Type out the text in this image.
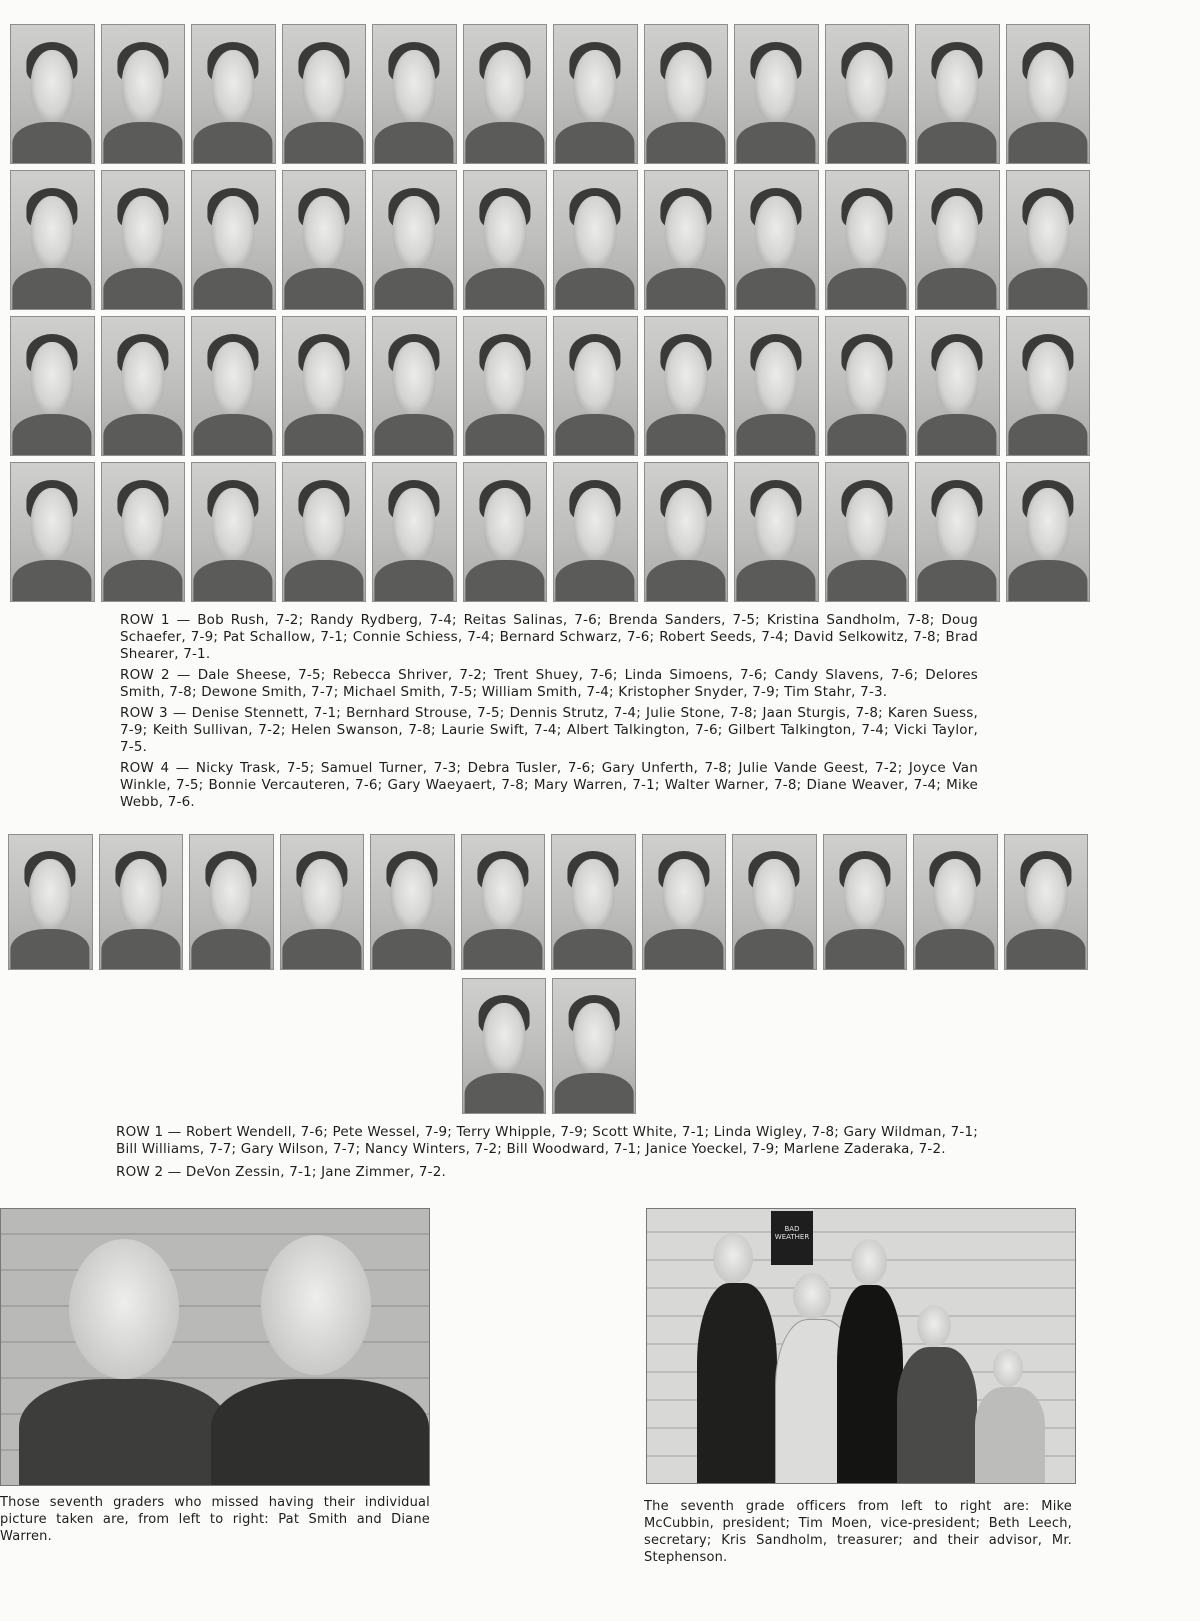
ROW 1 — Bob Rush, 7-2; Randy Rydberg, 7-4; Reitas Salinas, 7-6; Brenda Sanders, 7-5; Kristina Sandholm, 7-8; Doug Schaefer, 7-9; Pat Schallow, 7-1; Connie Schiess, 7-4; Bernard Schwarz, 7-6; Robert Seeds, 7-4; David Selkowitz, 7-8; Brad Shearer, 7-1.

ROW 2 — Dale Sheese, 7-5; Rebecca Shriver, 7-2; Trent Shuey, 7-6; Linda Simoens, 7-6; Candy Slavens, 7-6; Delores Smith, 7-8; Dewone Smith, 7-7; Michael Smith, 7-5; William Smith, 7-4; Kristopher Snyder, 7-9; Tim Stahr, 7-3.

ROW 3 — Denise Stennett, 7-1; Bernhard Strouse, 7-5; Dennis Strutz, 7-4; Julie Stone, 7-8; Jaan Sturgis, 7-8; Karen Suess, 7-9; Keith Sullivan, 7-2; Helen Swanson, 7-8; Laurie Swift, 7-4; Albert Talkington, 7-6; Gilbert Talkington, 7-4; Vicki Taylor, 7-5.

ROW 4 — Nicky Trask, 7-5; Samuel Turner, 7-3; Debra Tusler, 7-6; Gary Unferth, 7-8; Julie Vande Geest, 7-2; Joyce Van Winkle, 7-5; Bonnie Vercauteren, 7-6; Gary Waeyaert, 7-8; Mary Warren, 7-1; Walter Warner, 7-8; Diane Weaver, 7-4; Mike Webb, 7-6.

ROW 1 — Robert Wendell, 7-6; Pete Wessel, 7-9; Terry Whipple, 7-9; Scott White, 7-1; Linda Wigley, 7-8; Gary Wildman, 7-1; Bill Williams, 7-7; Gary Wilson, 7-7; Nancy Winters, 7-2; Bill Woodward, 7-1; Janice Yoeckel, 7-9; Marlene Zaderaka, 7-2.

ROW 2 — DeVon Zessin, 7-1; Jane Zimmer, 7-2.

Those seventh graders who missed having their individual picture taken are, from left to right: Pat Smith and Diane Warren.
BAD WEATHER
The seventh grade officers from left to right are: Mike McCubbin, president; Tim Moen, vice-president; Beth Leech, secretary; Kris Sandholm, treasurer; and their advisor, Mr. Stephenson.
